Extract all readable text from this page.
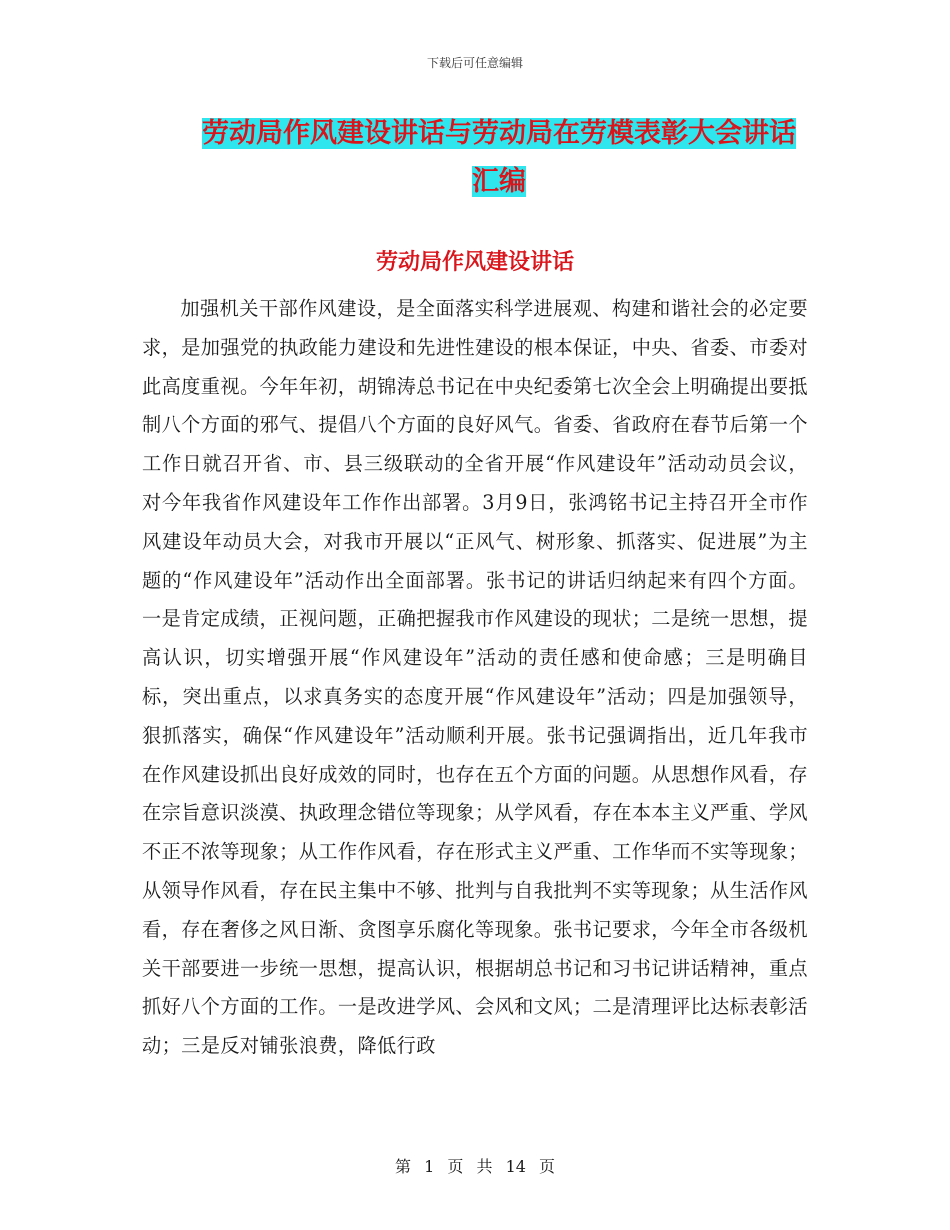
下载后可任意编辑
劳动局作风建设讲话与劳动局在劳模表彰大会讲话汇编
劳动局作风建设讲话

加强机关干部作风建设，是全面落实科学进展观、构建和谐社会的必定要求，是加强党的执政能力建设和先进性建设的根本保证，中央、省委、市委对此高度重视。今年年初，胡锦涛总书记在中央纪委第七次全会上明确提出要抵制八个方面的邪气、提倡八个方面的良好风气。省委、省政府在春节后第一个工作日就召开省、市、县三级联动的全省开展“作风建设年”活动动员会议，对今年我省作风建设年工作作出部署。3月9日，张鸿铭书记主持召开全市作风建设年动员大会，对我市开展以“正风气、树形象、抓落实、促进展”为主题的“作风建设年”活动作出全面部署。张书记的讲话归纳起来有四个方面。一是肯定成绩，正视问题，正确把握我市作风建设的现状；二是统一思想，提高认识，切实增强开展“作风建设年”活动的责任感和使命感；三是明确目标，突出重点，以求真务实的态度开展“作风建设年”活动；四是加强领导，狠抓落实，确保“作风建设年”活动顺利开展。张书记强调指出，近几年我市在作风建设抓出良好成效的同时，也存在五个方面的问题。从思想作风看，存在宗旨意识淡漠、执政理念错位等现象；从学风看，存在本本主义严重、学风不正不浓等现象；从工作作风看，存在形式主义严重、工作华而不实等现象；从领导作风看，存在民主集中不够、批判与自我批判不实等现象；从生活作风看，存在奢侈之风日渐、贪图享乐腐化等现象。张书记要求，今年全市各级机关干部要进一步统一思想，提高认识，根据胡总书记和习书记讲话精神，重点抓好八个方面的工作。一是改进学风、会风和文风；二是清理评比达标表彰活动；三是反对铺张浪费，降低行政

第 1 页 共 14 页
